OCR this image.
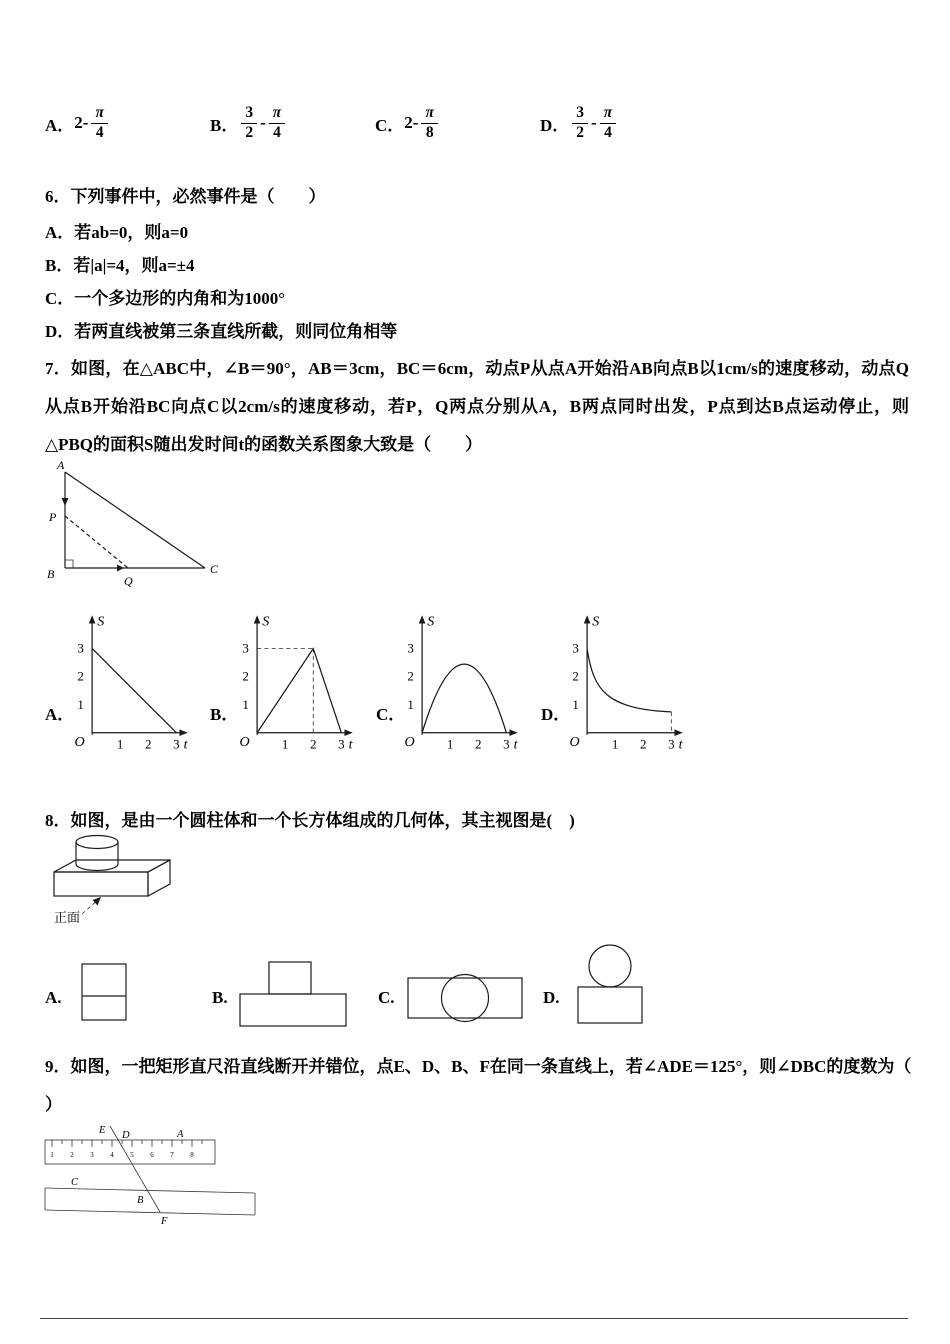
A． $2- \frac{\pi}{4}$	B． $\frac{3}{2} - \frac{\pi}{4}$	C． $2- \frac{\pi}{8}$	D． $\frac{3}{2} - \frac{\pi}{4}$
6．下列事件中，必然事件是（　　）
A．若ab=0，则a=0
B．若|a|=4，则a=±4
C．一个多边形的内角和为1000°
D．若两直线被第三条直线所截，则同位角相等
7．如图，在△ABC中，∠B＝90°，AB＝3cm，BC＝6cm，动点P从点A开始沿AB向点B以1cm/s的速度移动，动点Q从点B开始沿BC向点C以2cm/s的速度移动，若P，Q两点分别从A，B两点同时出发，P点到达B点运动停止，则△PBQ的面积S随出发时间t的函数关系图象大致是（　　）
A
B	C
P
Q
A．	B．	C．	D．
3
2
1
1 2 3
S
t
O
3
2
1
1 2 3
S
t
O
3
2
1
1 2 3
S
t
O
3
2
1
1 2 3
S
t
O
8．如图，是由一个圆柱体和一个长方体组成的几何体，其主视图是(　)
正面
A.	B.	C.	D.
9．如图，一把矩形直尺沿直线断开并错位，点E、D、B、F在同一条直线上，若∠ADE＝125°，则∠DBC的度数为（
）
1 2 3 4 5 6 7 8
E D	A
C
B
F
